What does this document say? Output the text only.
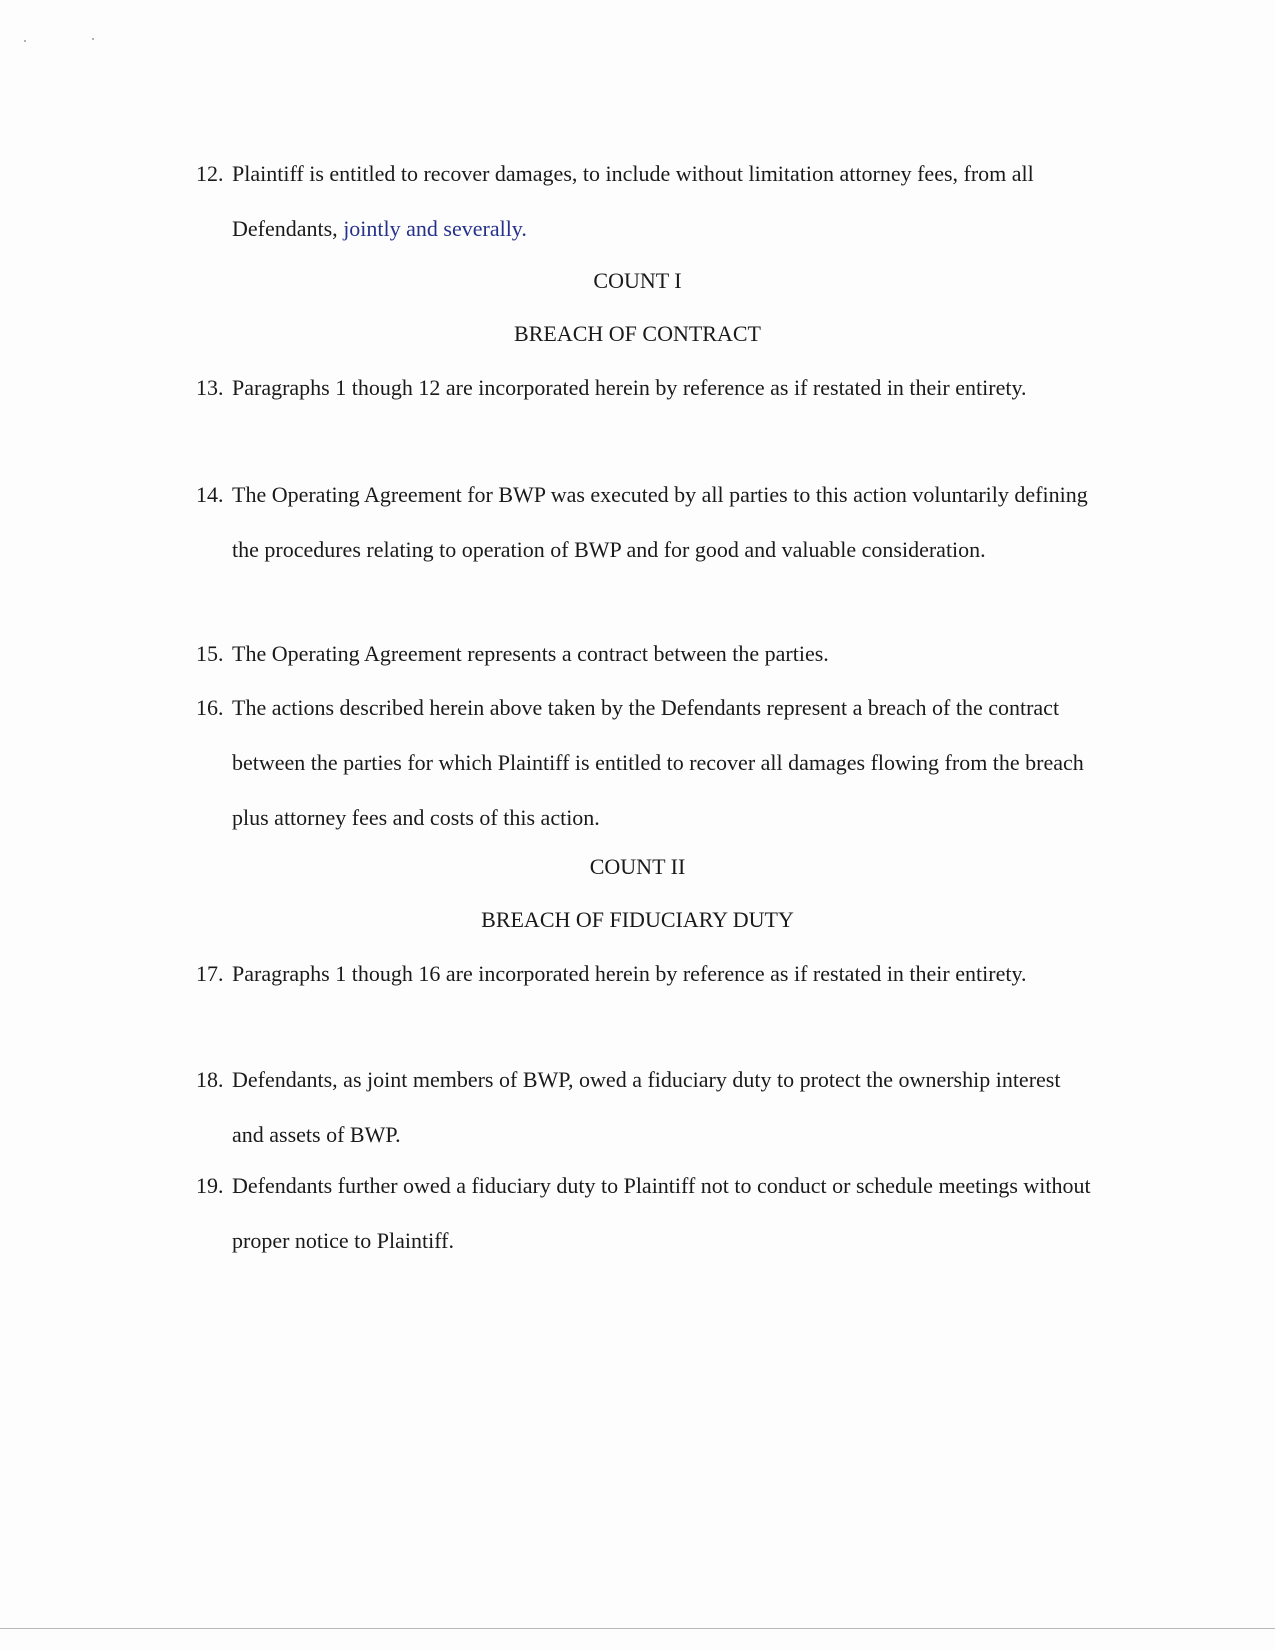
12. Plaintiff is entitled to recover damages, to include without limitation attorney fees, from all Defendants, jointly and severally.

COUNT I

BREACH OF CONTRACT

13. Paragraphs 1 though 12 are incorporated herein by reference as if restated in their entirety.

14. The Operating Agreement for BWP was executed by all parties to this action voluntarily defining the procedures relating to operation of BWP and for good and valuable consideration.

15. The Operating Agreement represents a contract between the parties.

16. The actions described herein above taken by the Defendants represent a breach of the contract between the parties for which Plaintiff is entitled to recover all damages flowing from the breach plus attorney fees and costs of this action.

COUNT II

BREACH OF FIDUCIARY DUTY

17. Paragraphs 1 though 16 are incorporated herein by reference as if restated in their entirety.

18. Defendants, as joint members of BWP, owed a fiduciary duty to protect the ownership interest and assets of BWP.

19. Defendants further owed a fiduciary duty to Plaintiff not to conduct or schedule meetings without proper notice to Plaintiff.
